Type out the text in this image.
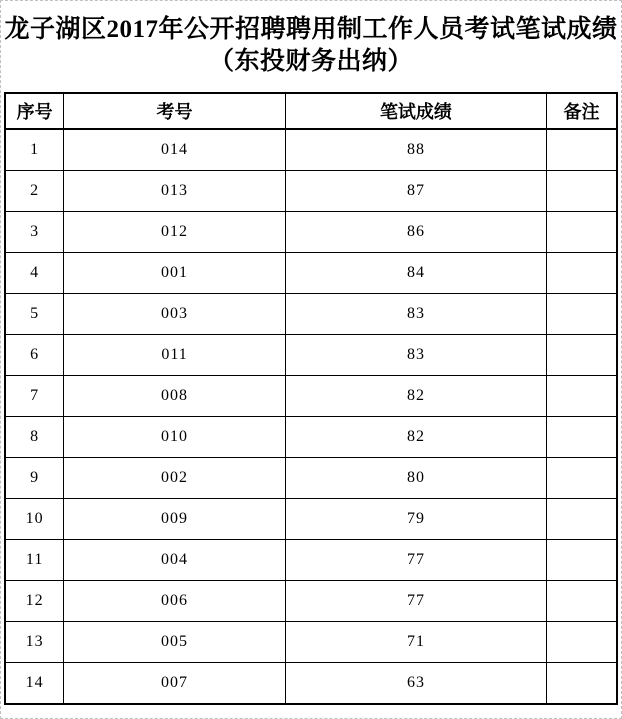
龙子湖区2017年公开招聘聘用制工作人员考试笔试成绩
（东投财务出纳）
序号	考号	笔试成绩	备注
1	014	88	
2	013	87	
3	012	86	
4	001	84	
5	003	83	
6	011	83	
7	008	82	
8	010	82	
9	002	80	
10	009	79	
11	004	77	
12	006	77	
13	005	71	
14	007	63	
